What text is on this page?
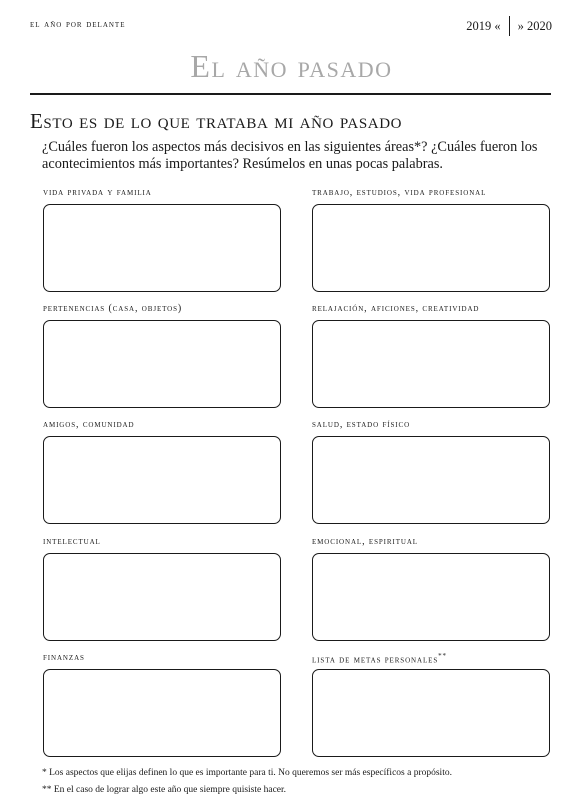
el año por delante	2019 « » 2020
El año pasado
Esto es de lo que trataba mi año pasado
¿Cuáles fueron los aspectos más decisivos en las siguientes áreas*? ¿Cuáles fueron los acontecimientos más importantes? Resúmelos en unas pocas palabras.
vida privada y familia	trabajo, estudios, vida profesional
pertenencias (casa, objetos)	relajación, aficiones, creatividad
amigos, comunidad	salud, estado físico
intelectual	emocional, espiritual
finanzas	lista de metas personales**
* Los aspectos que elijas definen lo que es importante para ti. No queremos ser más específicos a propósito.
** En el caso de lograr algo este año que siempre quisiste hacer.
